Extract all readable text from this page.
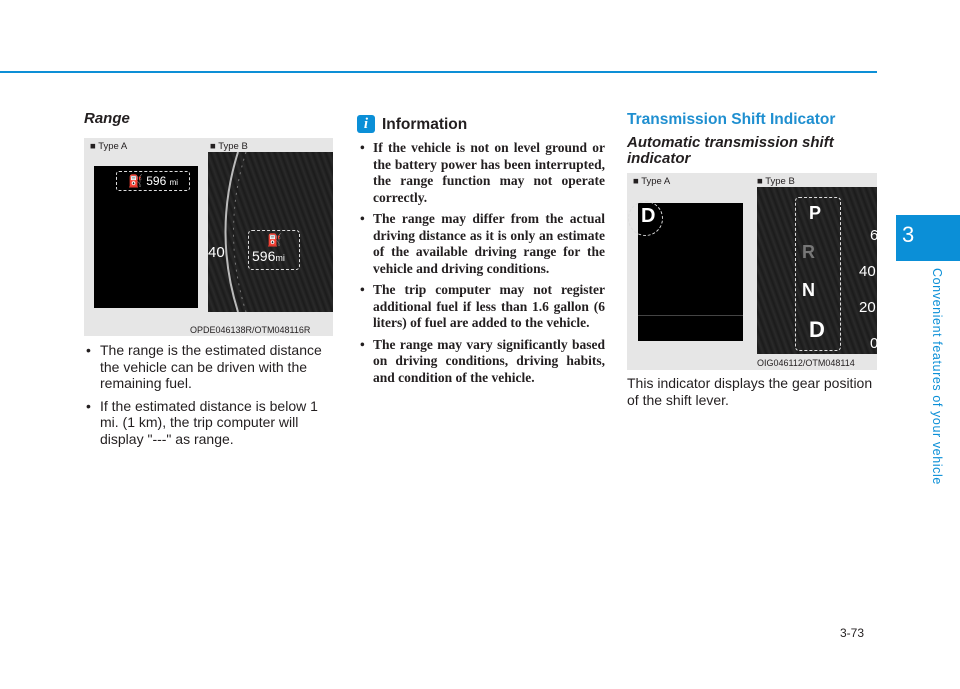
3
Convenient features of your vehicle
3-73
Range
■ Type A	■ Type B
⛽ 596 mi
40
⛽
596mi
OPDE046138R/OTM048116R
• The range is the estimated distance the vehicle can be driven with the remaining fuel.
• If the estimated distance is below 1 mi. (1 km), the trip computer will display "---" as range.
i Information
• If the vehicle is not on level ground or the battery power has been interrupted, the range function may not operate correctly.
• The range may differ from the actual driving distance as it is only an estimate of the available driving range for the vehicle and driving conditions.
• The trip computer may not register additional fuel if less than 1.6 gallon (6 liters) of fuel are added to the vehicle.
• The range may vary significantly based on driving conditions, driving habits, and condition of the vehicle.
Transmission Shift Indicator
Automatic transmission shift indicator
■ Type A	■ Type B
D	P
R
N
D
6
40
20
0
OIG046112/OTM048114
This indicator displays the gear position of the shift lever.
